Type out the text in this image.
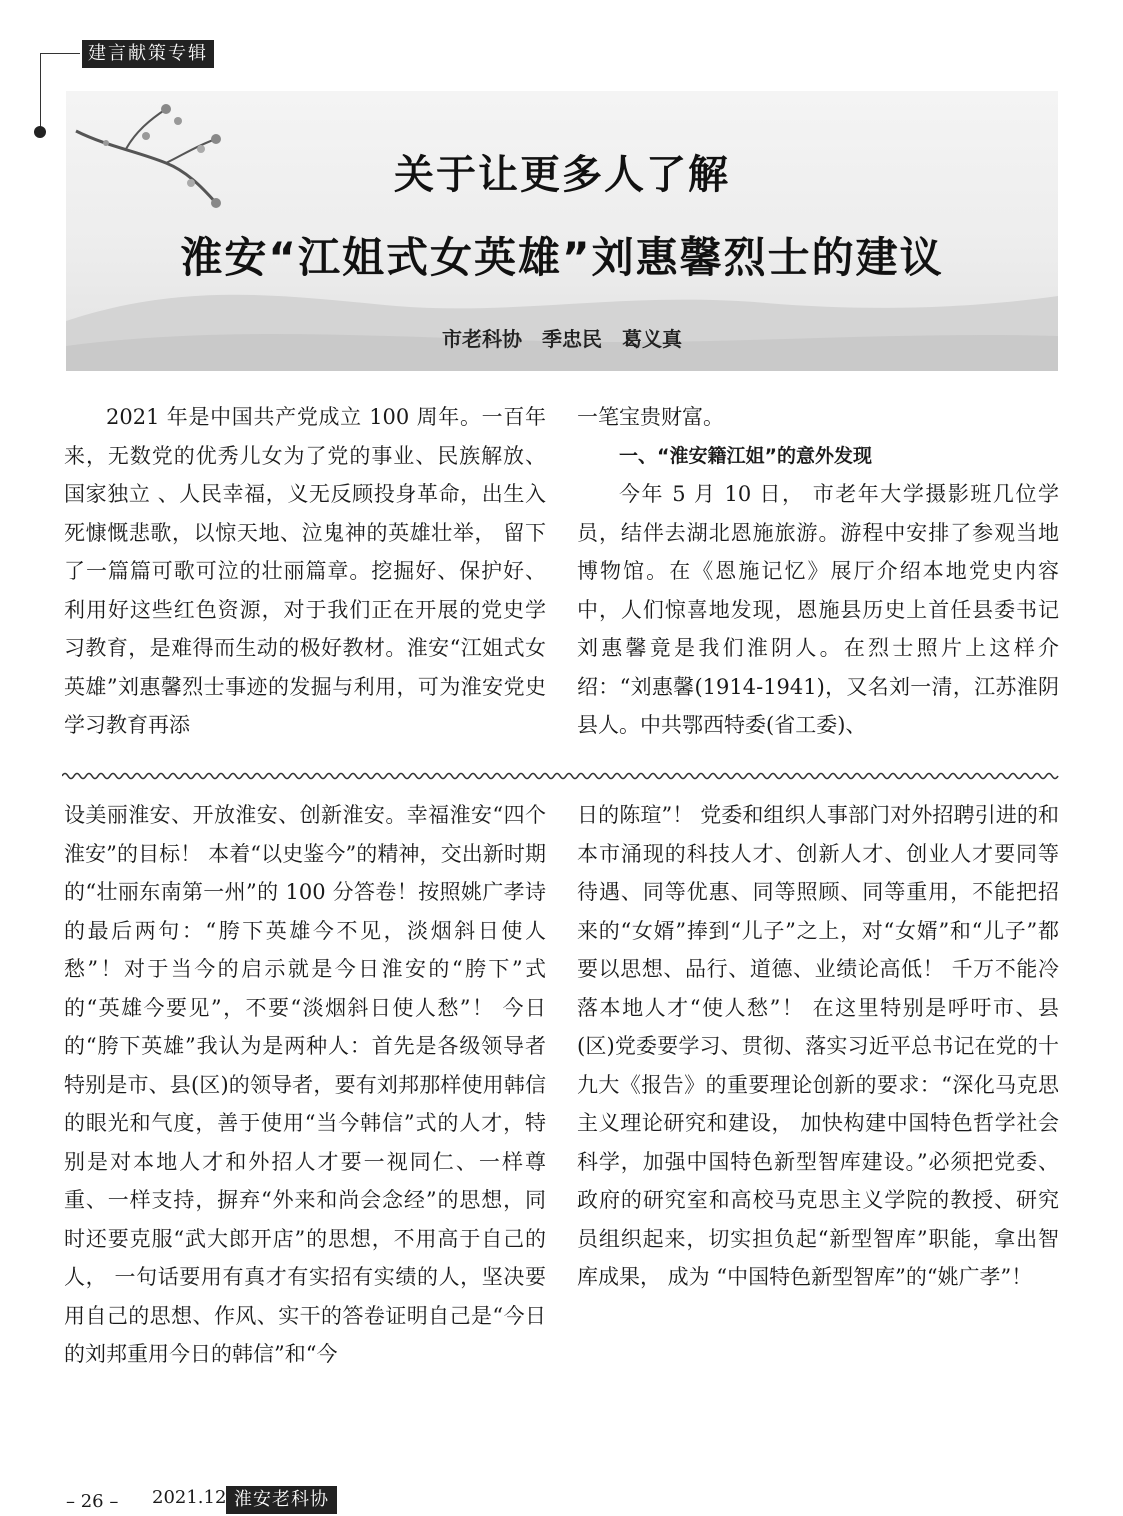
建言献策专辑
关于让更多人了解
淮安“江姐式女英雄”刘惠馨烈士的建议
市老科协　季忠民　葛义真

2021 年是中国共产党成立 100 周年。一百年来，无数党的优秀儿女为了党的事业、民族解放、国家独立 、人民幸福，义无反顾投身革命，出生入死慷慨悲歌，以惊天地、泣鬼神的英雄壮举， 留下了一篇篇可歌可泣的壮丽篇章。挖掘好、保护好、利用好这些红色资源，对于我们正在开展的党史学习教育，是难得而生动的极好教材。淮安“江姐式女英雄”刘惠馨烈士事迹的发掘与利用，可为淮安党史学习教育再添

一笔宝贵财富。

一、“淮安籍江姐”的意外发现

今年 5 月 10 日， 市老年大学摄影班几位学员，结伴去湖北恩施旅游。游程中安排了参观当地博物馆。在《恩施记忆》展厅介绍本地党史内容中，人们惊喜地发现，恩施县历史上首任县委书记刘惠馨竟是我们淮阴人。在烈士照片上这样介绍：“刘惠馨(1914-1941)，又名刘一清，江苏淮阴县人。中共鄂西特委(省工委)、

设美丽淮安、开放淮安、创新淮安。幸福淮安“四个淮安”的目标！ 本着“以史鉴今”的精神，交出新时期的“壮丽东南第一州”的 100 分答卷！按照姚广孝诗的最后两句：“胯下英雄今不见，淡烟斜日使人愁”！对于当今的启示就是今日淮安的“胯下”式的“英雄今要见”，不要“淡烟斜日使人愁”！ 今日的“胯下英雄”我认为是两种人：首先是各级领导者特别是市、县(区)的领导者，要有刘邦那样使用韩信的眼光和气度，善于使用“当今韩信”式的人才，特别是对本地人才和外招人才要一视同仁、一样尊重、一样支持，摒弃“外来和尚会念经”的思想，同时还要克服“武大郎开店”的思想，不用高于自己的人， 一句话要用有真才有实招有实绩的人，坚决要用自己的思想、作风、实干的答卷证明自己是“今日的刘邦重用今日的韩信”和“今

日的陈瑄”！ 党委和组织人事部门对外招聘引进的和本市涌现的科技人才、创新人才、创业人才要同等待遇、同等优惠、同等照顾、同等重用，不能把招来的“女婿”捧到“儿子”之上，对“女婿”和“儿子”都要以思想、品行、道德、业绩论高低！ 千万不能冷落本地人才“使人愁”！ 在这里特别是呼吁市、县(区)党委要学习、贯彻、落实习近平总书记在党的十九大《报告》的重要理论创新的要求：“深化马克思主义理论研究和建设， 加快构建中国特色哲学社会科学，加强中国特色新型智库建设。”必须把党委、政府的研究室和高校马克思主义学院的教授、研究员组织起来，切实担负起“新型智库”职能，拿出智库成果， 成为 “中国特色新型智库”的“姚广孝”！

– 26 – 2021.12 淮安老科协
